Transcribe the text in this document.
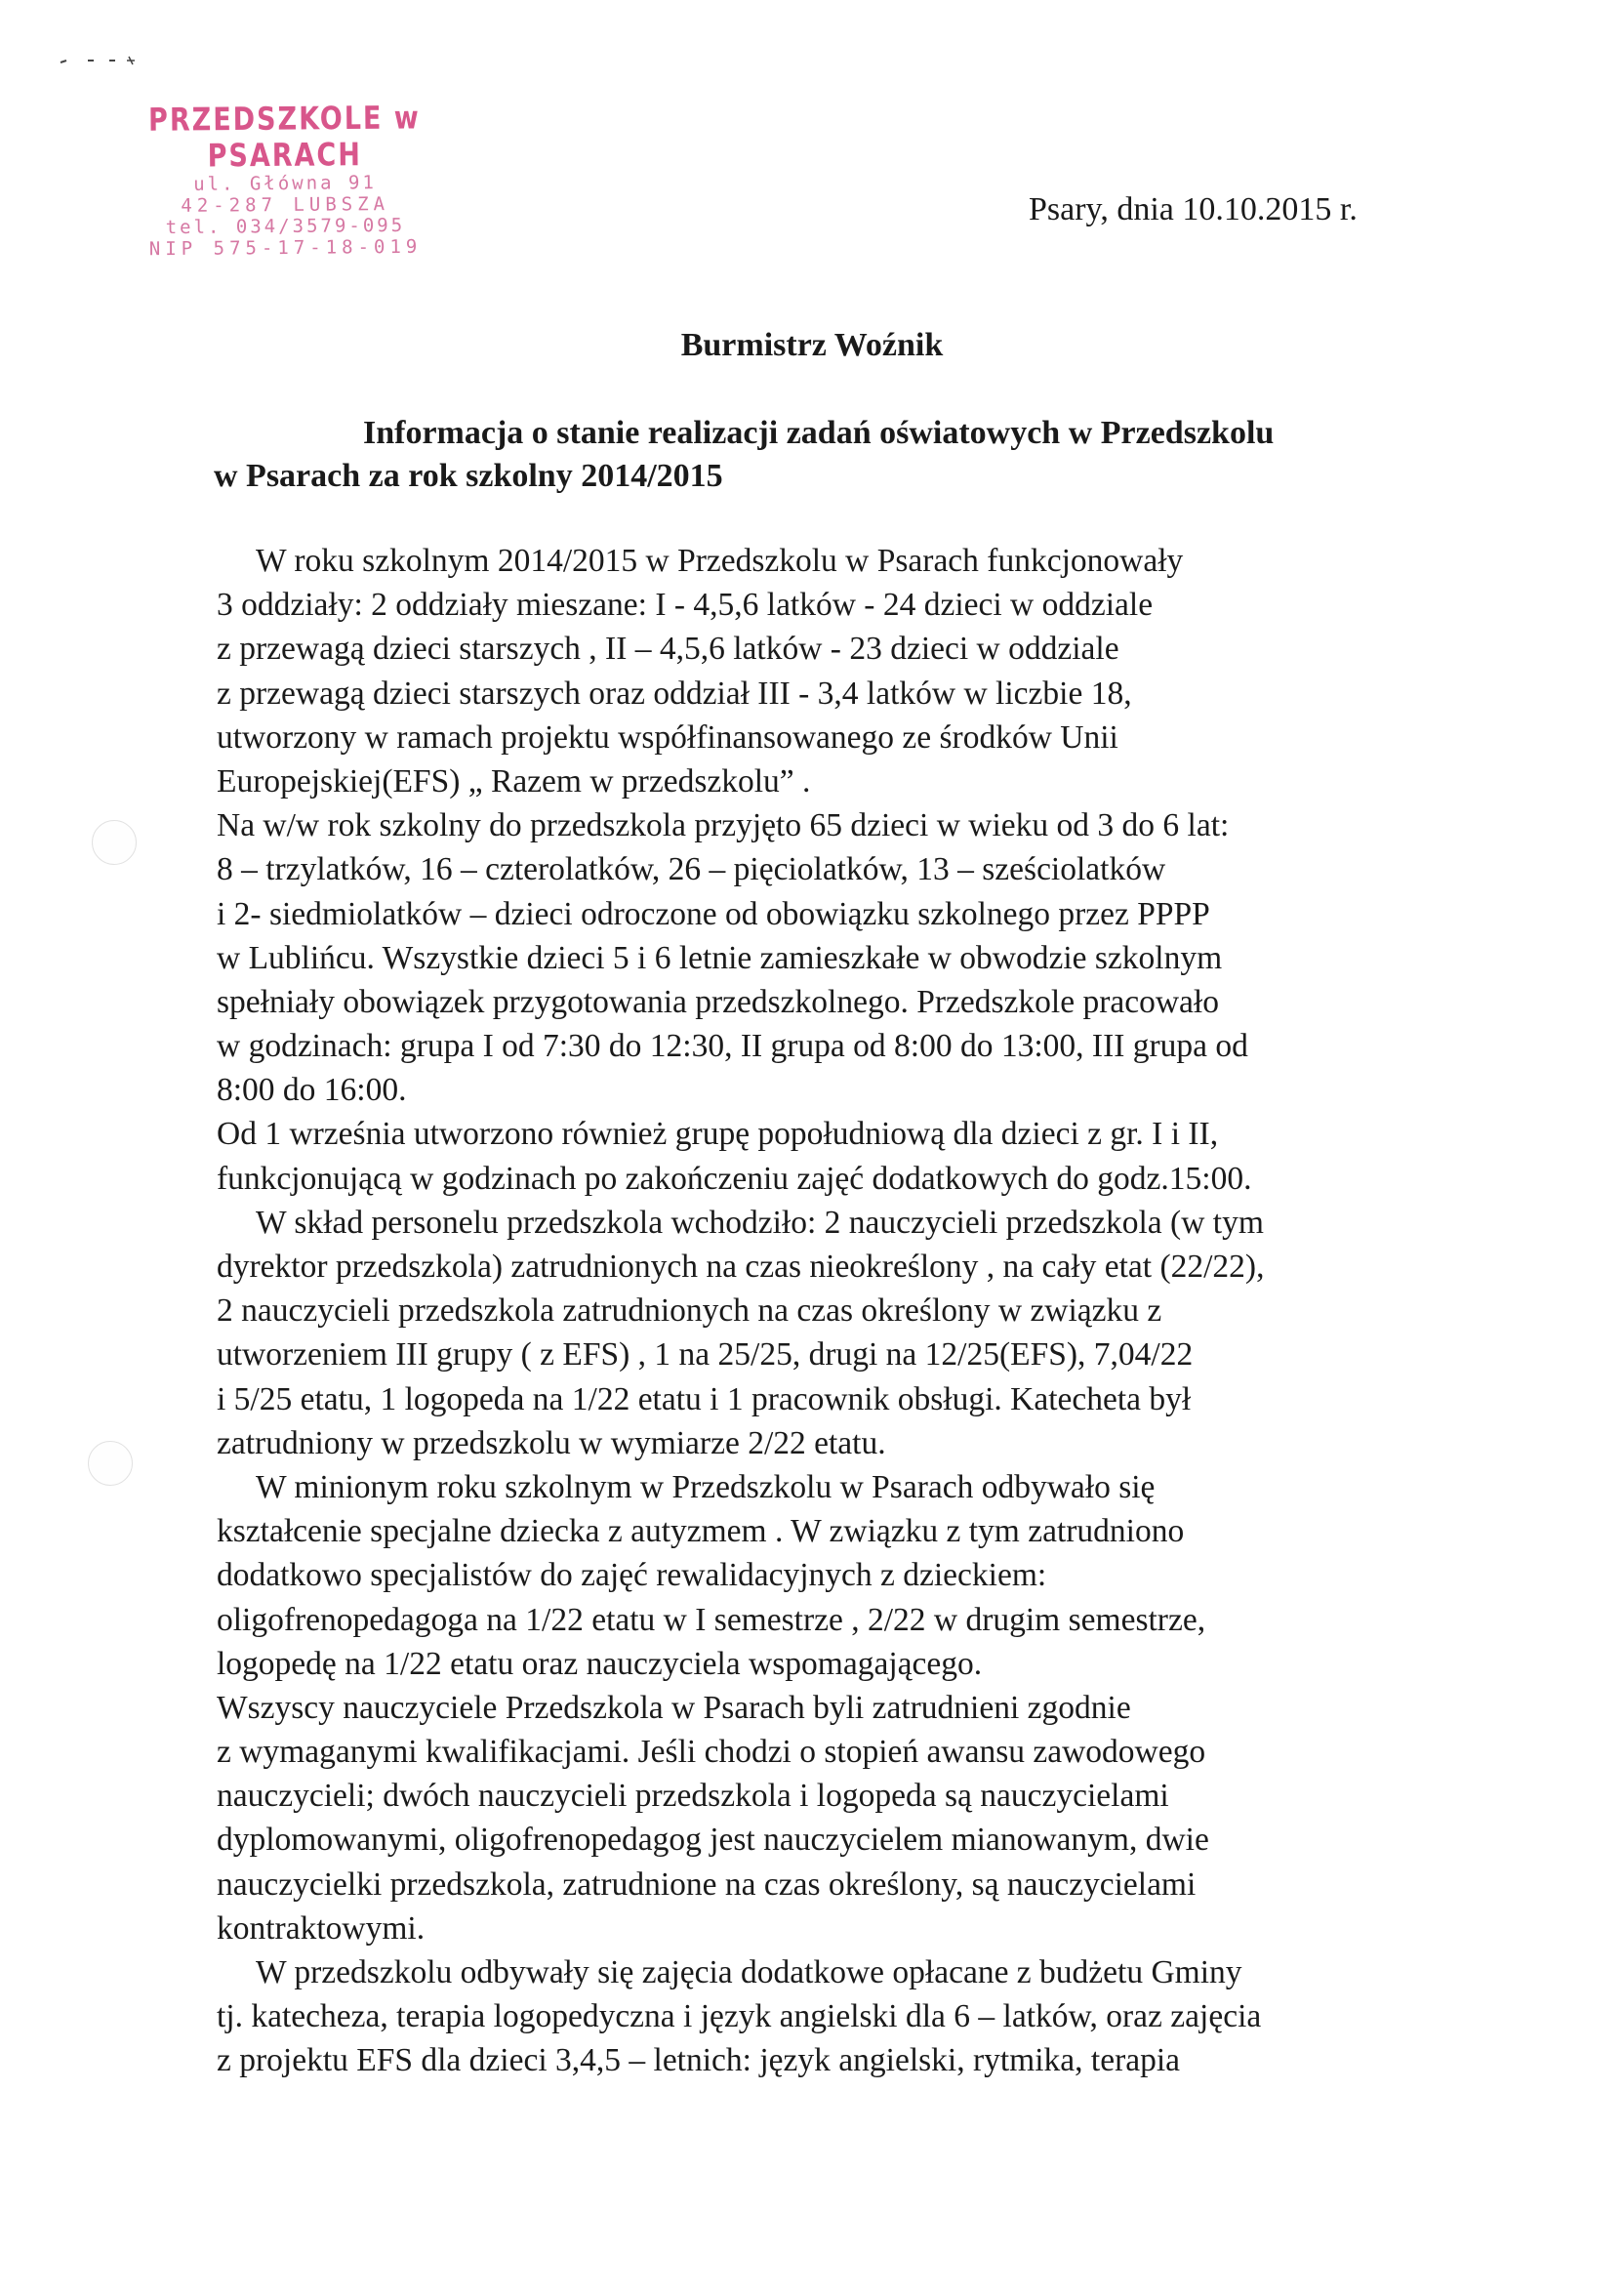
PRZEDSZKOLE w PSARACH
ul. Główna 91
42-287 LUBSZA
tel. 034/3579-095
NIP 575-17-18-019
Psary, dnia 10.10.2015 r.
Burmistrz Woźnik
Informacja o stanie realizacji zadań oświatowych w Przedszkolu
w Psarach za rok szkolny 2014/2015
W roku szkolnym 2014/2015 w Przedszkolu w Psarach funkcjonowały
3 oddziały: 2 oddziały mieszane: I - 4,5,6 latków - 24 dzieci w oddziale
z przewagą dzieci starszych , II – 4,5,6 latków - 23 dzieci w oddziale
z przewagą dzieci starszych oraz oddział III - 3,4 latków w liczbie 18,
utworzony w ramach projektu współfinansowanego ze środków Unii
Europejskiej(EFS) „ Razem w przedszkolu” .
Na w/w rok szkolny do przedszkola przyjęto 65 dzieci w wieku od 3 do 6 lat:
8 – trzylatków, 16 – czterolatków, 26 – pięciolatków, 13 – sześciolatków
i 2- siedmiolatków – dzieci odroczone od obowiązku szkolnego przez PPPP
w Lublińcu. Wszystkie dzieci 5 i 6 letnie zamieszkałe w obwodzie szkolnym
spełniały obowiązek przygotowania przedszkolnego. Przedszkole pracowało
w godzinach: grupa I od 7:30 do 12:30, II grupa od 8:00 do 13:00, III grupa od
8:00 do 16:00.
Od 1 września utworzono również grupę popołudniową dla dzieci z gr. I i II,
funkcjonującą w godzinach po zakończeniu zajęć dodatkowych do godz.15:00.
W skład personelu przedszkola wchodziło: 2 nauczycieli przedszkola (w tym
dyrektor przedszkola) zatrudnionych na czas nieokreślony , na cały etat (22/22),
2 nauczycieli przedszkola zatrudnionych na czas określony w związku z
utworzeniem III grupy ( z EFS) , 1 na 25/25, drugi na 12/25(EFS), 7,04/22
i 5/25 etatu, 1 logopeda na 1/22 etatu i 1 pracownik obsługi. Katecheta był
zatrudniony w przedszkolu w wymiarze 2/22 etatu.
W minionym roku szkolnym w Przedszkolu w Psarach odbywało się
kształcenie specjalne dziecka z autyzmem . W związku z tym zatrudniono
dodatkowo specjalistów do zajęć rewalidacyjnych z dzieckiem:
oligofrenopedagoga na 1/22 etatu w I semestrze , 2/22 w drugim semestrze,
logopedę na 1/22 etatu oraz nauczyciela wspomagającego.
Wszyscy nauczyciele Przedszkola w Psarach byli zatrudnieni zgodnie
z wymaganymi kwalifikacjami. Jeśli chodzi o stopień awansu zawodowego
nauczycieli; dwóch nauczycieli przedszkola i logopeda są nauczycielami
dyplomowanymi, oligofrenopedagog jest nauczycielem mianowanym, dwie
nauczycielki przedszkola, zatrudnione na czas określony, są nauczycielami
kontraktowymi.
W przedszkolu odbywały się zajęcia dodatkowe opłacane z budżetu Gminy
tj. katecheza, terapia logopedyczna i język angielski dla 6 – latków, oraz zajęcia
z projektu EFS dla dzieci 3,4,5 – letnich: język angielski, rytmika, terapia
